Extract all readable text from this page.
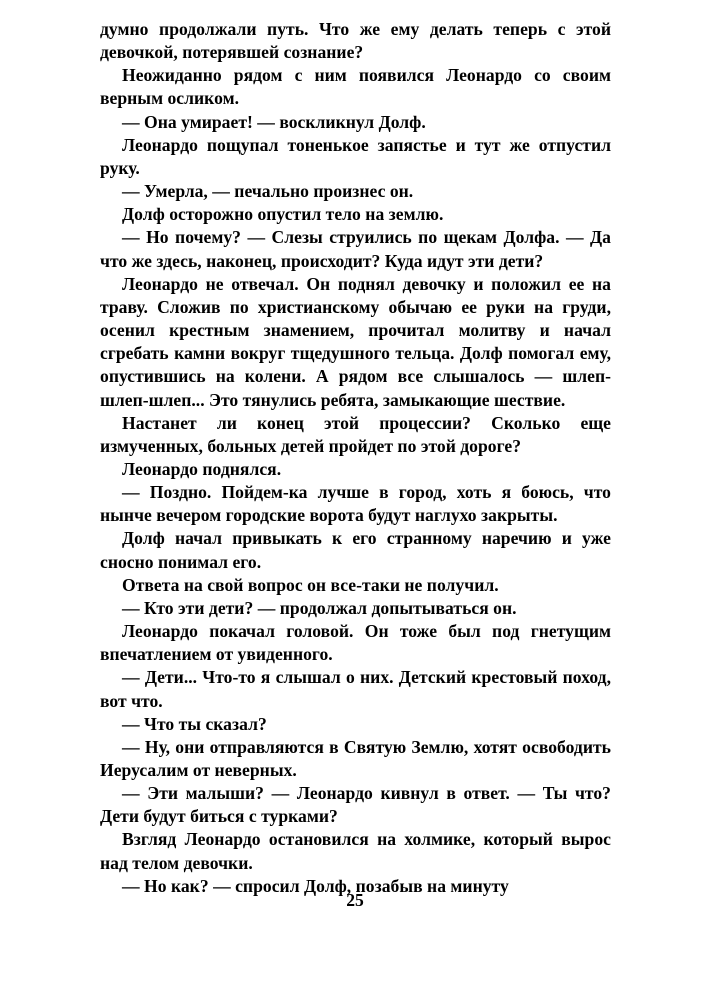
думно продолжали путь. Что же ему делать теперь с этой девочкой, потерявшей сознание?

Неожиданно рядом с ним появился Леонардо со своим верным осликом.

— Она умирает! — воскликнул Долф.

Леонардо пощупал тоненькое запястье и тут же отпустил руку.

— Умерла, — печально произнес он.

Долф осторожно опустил тело на землю.

— Но почему? — Слезы струились по щекам Долфа. — Да что же здесь, наконец, происходит? Куда идут эти дети?

Леонардо не отвечал. Он поднял девочку и положил ее на траву. Сложив по христианскому обычаю ее руки на груди, осенил крестным знамением, прочитал молитву и начал сгребать камни вокруг тщедушного тельца. Долф помогал ему, опустившись на колени. А рядом все слышалось — шлеп-шлеп-шлеп... Это тянулись ребята, замыкающие шествие.

Настанет ли конец этой процессии? Сколько еще измученных, больных детей пройдет по этой дороге?

Леонардо поднялся.

— Поздно. Пойдем-ка лучше в город, хоть я боюсь, что нынче вечером городские ворота будут наглухо закрыты.

Долф начал привыкать к его странному наречию и уже сносно понимал его.

Ответа на свой вопрос он все-таки не получил.

— Кто эти дети? — продолжал допытываться он.

Леонардо покачал головой. Он тоже был под гнетущим впечатлением от увиденного.

— Дети... Что-то я слышал о них. Детский крестовый поход, вот что.

— Что ты сказал?

— Ну, они отправляются в Святую Землю, хотят освободить Иерусалим от неверных.

— Эти малыши? — Леонардо кивнул в ответ. — Ты что? Дети будут биться с турками?

Взгляд Леонардо остановился на холмике, который вырос над телом девочки.

— Но как? — спросил Долф, позабыв на минуту

25
